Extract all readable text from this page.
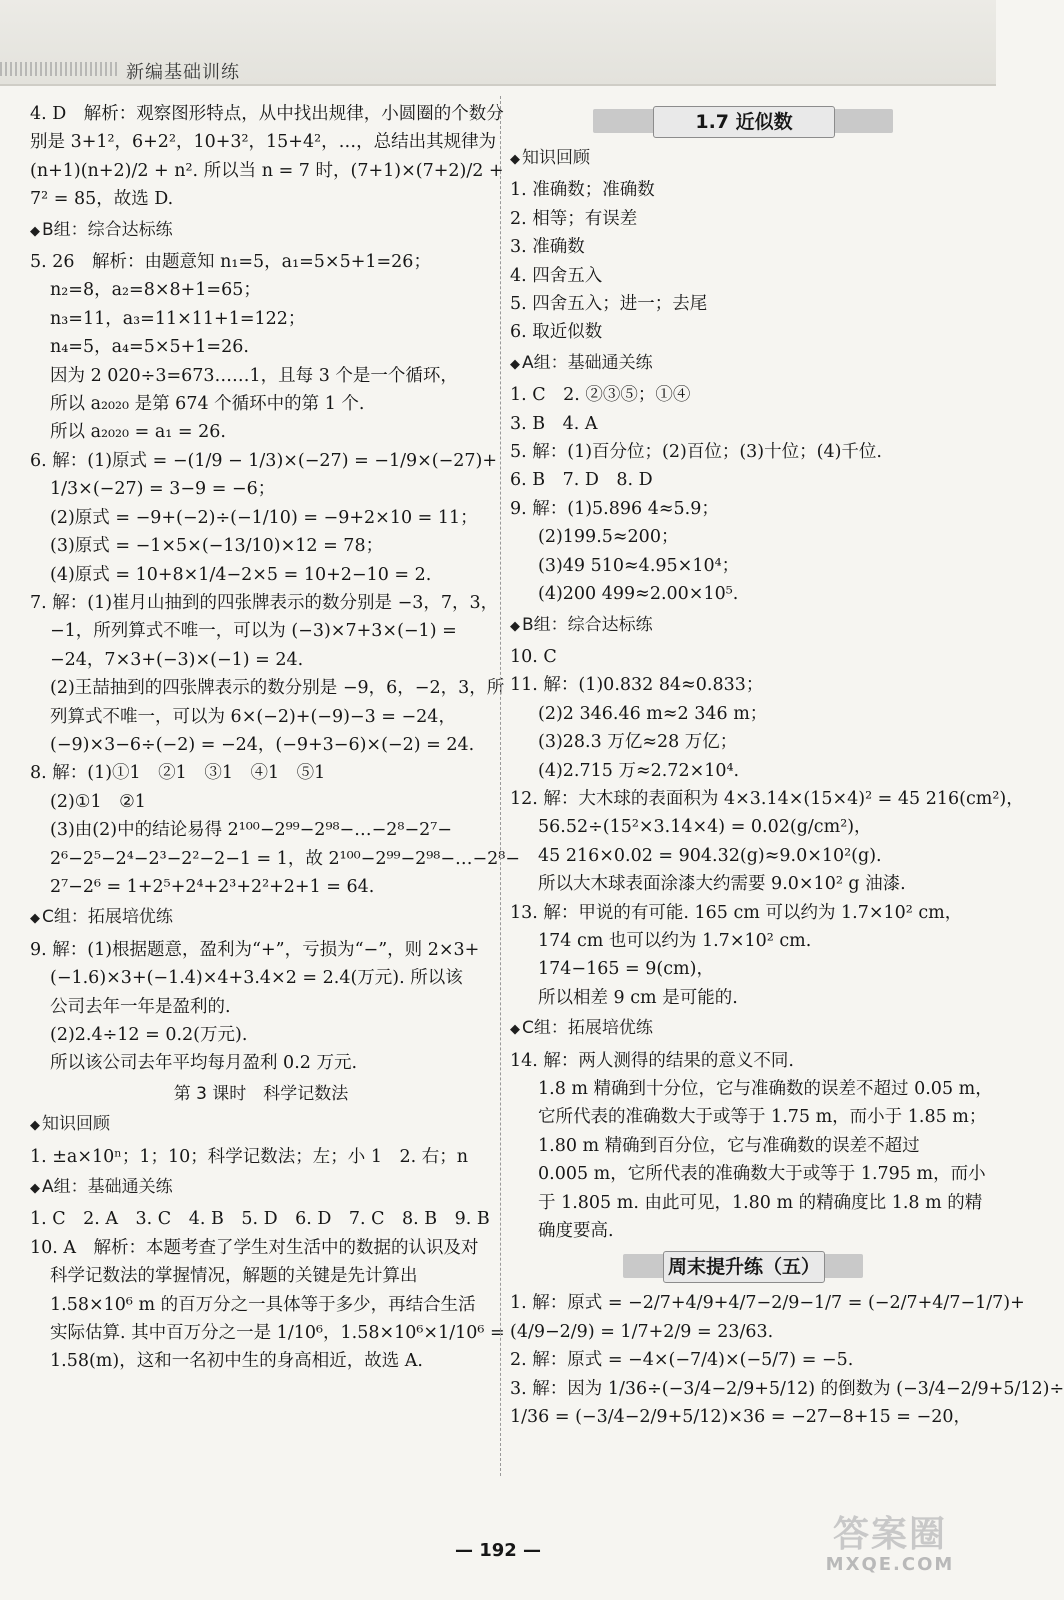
新编基础训练

4. D　解析：观察图形特点，从中找出规律，小圆圈的个数分

别是 3+1²，6+2²，10+3²，15+4²，…，总结出其规律为

(n+1)(n+2)/2 + n². 所以当 n = 7 时，(7+1)×(7+2)/2 +

7² = 85，故选 D.

◆ B组：综合达标练

5. 26　解析：由题意知 n₁=5，a₁=5×5+1=26；

n₂=8，a₂=8×8+1=65；

n₃=11，a₃=11×11+1=122；

n₄=5，a₄=5×5+1=26.

因为 2 020÷3=673……1，且每 3 个是一个循环，

所以 a₂₀₂₀ 是第 674 个循环中的第 1 个.

所以 a₂₀₂₀ = a₁ = 26.

6. 解：(1)原式 = −(1/9 − 1/3)×(−27) = −1/9×(−27)+

1/3×(−27) = 3−9 = −6；

(2)原式 = −9+(−2)÷(−1/10) = −9+2×10 = 11；

(3)原式 = −1×5×(−13/10)×12 = 78；

(4)原式 = 10+8×1/4−2×5 = 10+2−10 = 2.

7. 解：(1)崔月山抽到的四张牌表示的数分别是 −3，7，3，

−1，所列算式不唯一，可以为 (−3)×7+3×(−1) =

−24，7×3+(−3)×(−1) = 24.

(2)王喆抽到的四张牌表示的数分别是 −9，6，−2，3，所

列算式不唯一，可以为 6×(−2)+(−9)−3 = −24，

(−9)×3−6÷(−2) = −24，(−9+3−6)×(−2) = 24.

8. 解：(1)①1　②1　③1　④1　⑤1

(2)①1　②1

(3)由(2)中的结论易得 2¹⁰⁰−2⁹⁹−2⁹⁸−…−2⁸−2⁷−

2⁶−2⁵−2⁴−2³−2²−2−1 = 1，故 2¹⁰⁰−2⁹⁹−2⁹⁸−…−2⁸−

2⁷−2⁶ = 1+2⁵+2⁴+2³+2²+2+1 = 64.

◆ C组：拓展培优练

9. 解：(1)根据题意，盈利为“+”，亏损为“−”，则 2×3+

(−1.6)×3+(−1.4)×4+3.4×2 = 2.4(万元). 所以该

公司去年一年是盈利的.

(2)2.4÷12 = 0.2(万元).

所以该公司去年平均每月盈利 0.2 万元.

第 3 课时　科学记数法
◆ 知识回顾

1. ±a×10ⁿ；1；10；科学记数法；左；小 1　2. 右；n

◆ A组：基础通关练

1. C　2. A　3. C　4. B　5. D　6. D　7. C　8. B　9. B

10. A　解析：本题考查了学生对生活中的数据的认识及对

科学记数法的掌握情况，解题的关键是先计算出

1.58×10⁶ m 的百万分之一具体等于多少，再结合生活

实际估算. 其中百万分之一是 1/10⁶，1.58×10⁶×1/10⁶ =

1.58(m)，这和一名初中生的身高相近，故选 A.

1.7 近似数
◆ 知识回顾

1. 准确数；准确数

2. 相等；有误差

3. 准确数

4. 四舍五入

5. 四舍五入；进一；去尾

6. 取近似数

◆ A组：基础通关练

1. C　2. ②③⑤；①④

3. B　4. A

5. 解：(1)百分位；(2)百位；(3)十位；(4)千位.

6. B　7. D　8. D

9. 解：(1)5.896 4≈5.9；

(2)199.5≈200；

(3)49 510≈4.95×10⁴；

(4)200 499≈2.00×10⁵.

◆ B组：综合达标练

10. C

11. 解：(1)0.832 84≈0.833；

(2)2 346.46 m≈2 346 m；

(3)28.3 万亿≈28 万亿；

(4)2.715 万≈2.72×10⁴.

12. 解：大木球的表面积为 4×3.14×(15×4)² = 45 216(cm²)，

56.52÷(15²×3.14×4) = 0.02(g/cm²)，

45 216×0.02 = 904.32(g)≈9.0×10²(g).

所以大木球表面涂漆大约需要 9.0×10² g 油漆.

13. 解：甲说的有可能. 165 cm 可以约为 1.7×10² cm，

174 cm 也可以约为 1.7×10² cm.

174−165 = 9(cm)，

所以相差 9 cm 是可能的.

◆ C组：拓展培优练

14. 解：两人测得的结果的意义不同.

1.8 m 精确到十分位，它与准确数的误差不超过 0.05 m，

它所代表的准确数大于或等于 1.75 m，而小于 1.85 m；

1.80 m 精确到百分位，它与准确数的误差不超过

0.005 m，它所代表的准确数大于或等于 1.795 m，而小

于 1.805 m. 由此可见，1.80 m 的精确度比 1.8 m 的精

确度要高.

周末提升练（五）

1. 解：原式 = −2/7+4/9+4/7−2/9−1/7 = (−2/7+4/7−1/7)+

(4/9−2/9) = 1/7+2/9 = 23/63.

2. 解：原式 = −4×(−7/4)×(−5/7) = −5.

3. 解：因为 1/36÷(−3/4−2/9+5/12) 的倒数为 (−3/4−2/9+5/12)÷

1/36 = (−3/4−2/9+5/12)×36 = −27−8+15 = −20，

— 192 —	答案圈
MXQE.COM
